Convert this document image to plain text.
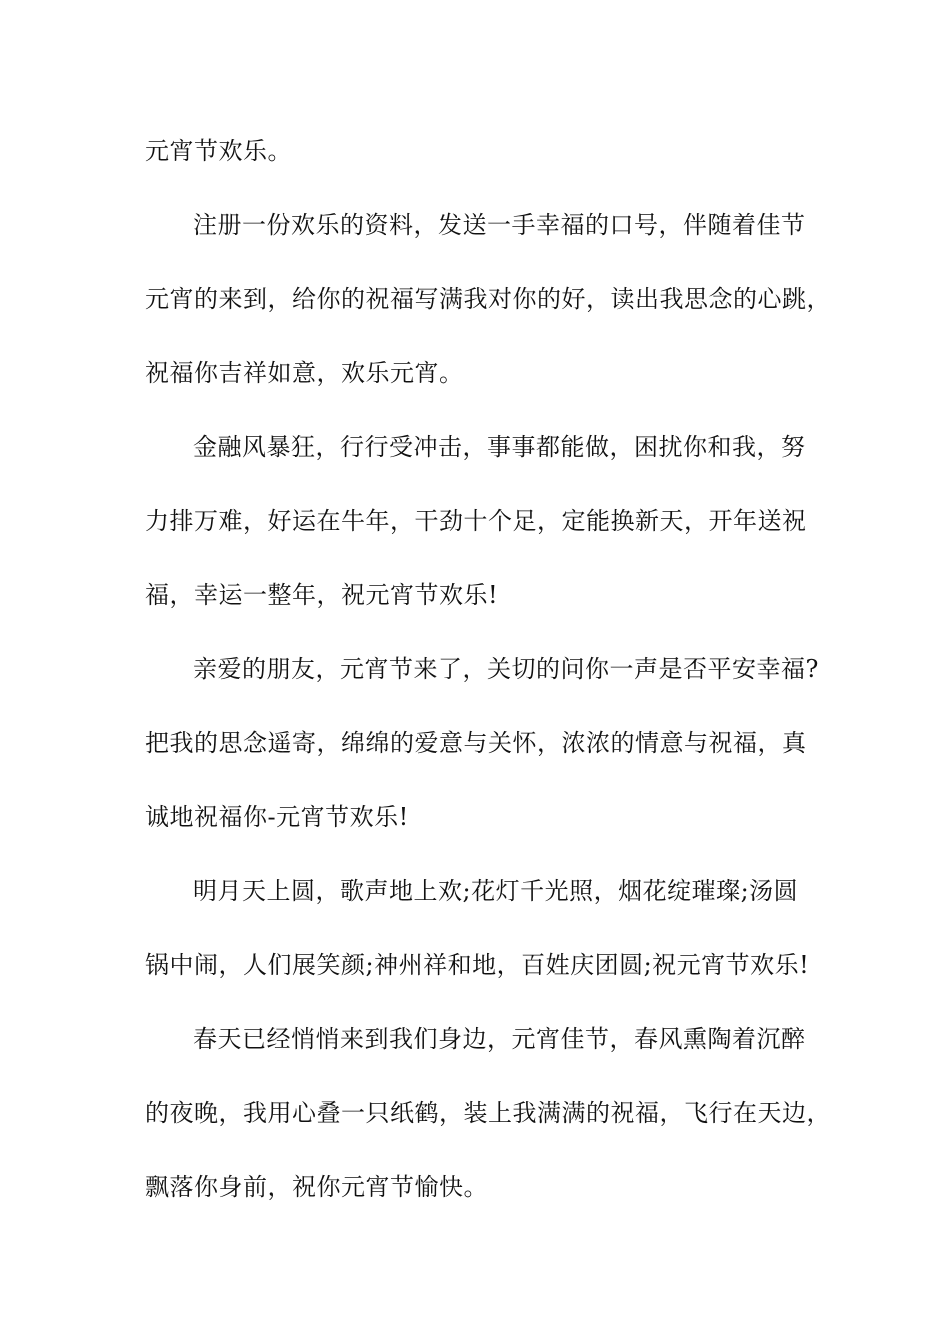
元宵节欢乐。
注册一份欢乐的资料，发送一手幸福的口号，伴随着佳节
元宵的来到，给你的祝福写满我对你的好，读出我思念的心跳，
祝福你吉祥如意，欢乐元宵。
金融风暴狂，行行受冲击，事事都能做，困扰你和我，努
力排万难，好运在牛年，干劲十个足，定能换新天，开年送祝
福，幸运一整年，祝元宵节欢乐!
亲爱的朋友，元宵节来了，关切的问你一声是否平安幸福?
把我的思念遥寄，绵绵的爱意与关怀，浓浓的情意与祝福，真
诚地祝福你-元宵节欢乐!
明月天上圆，歌声地上欢;花灯千光照，烟花绽璀璨;汤圆
锅中闹，人们展笑颜;神州祥和地，百姓庆团圆;祝元宵节欢乐!
春天已经悄悄来到我们身边，元宵佳节，春风熏陶着沉醉
的夜晚，我用心叠一只纸鹤，装上我满满的祝福，飞行在天边，
飘落你身前，祝你元宵节愉快。
